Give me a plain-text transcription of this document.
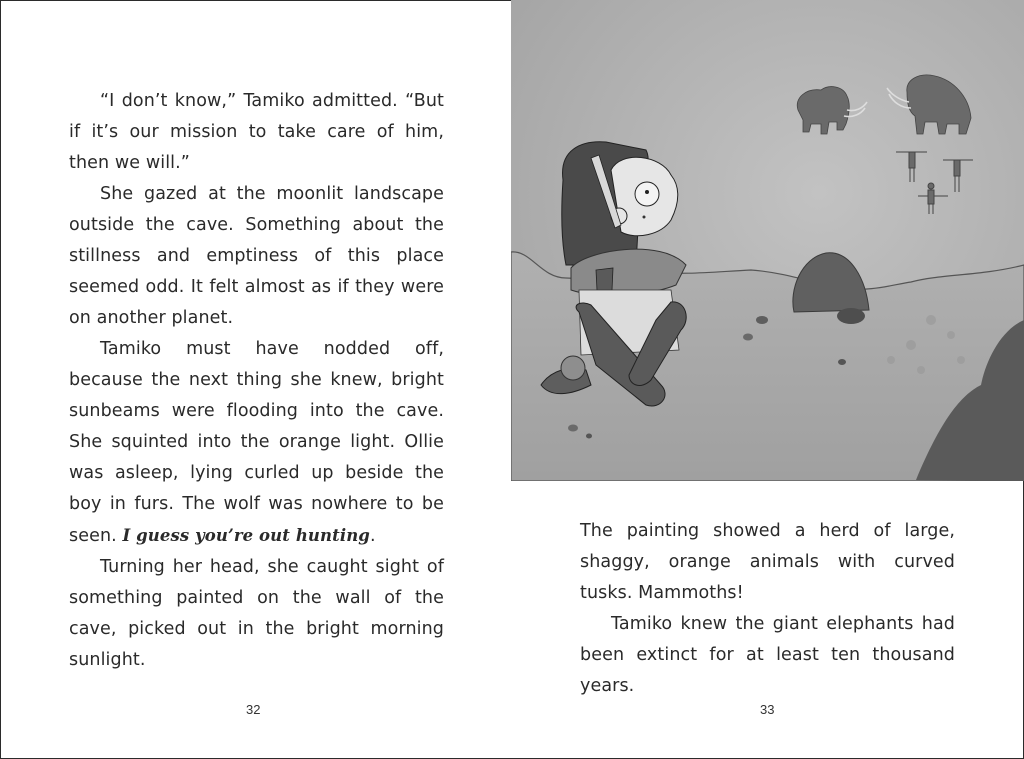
“I don’t know,” Tamiko admitted. “But if it’s our mission to take care of him, then we will.”

She gazed at the moonlit landscape outside the cave. Something about the stillness and emptiness of this place seemed odd. It felt almost as if they were on another planet.

Tamiko must have nodded off, because the next thing she knew, bright sunbeams were flooding into the cave. She squinted into the orange light. Ollie was asleep, lying curled up beside the boy in furs. The wolf was nowhere to be seen. I guess you’re out hunting.

Turning her head, she caught sight of something painted on the wall of the cave, picked out in the bright morning sunlight.

32

The painting showed a herd of large, shaggy, orange animals with curved tusks. Mammoths!

Tamiko knew the giant elephants had been extinct for at least ten thousand years.

33
